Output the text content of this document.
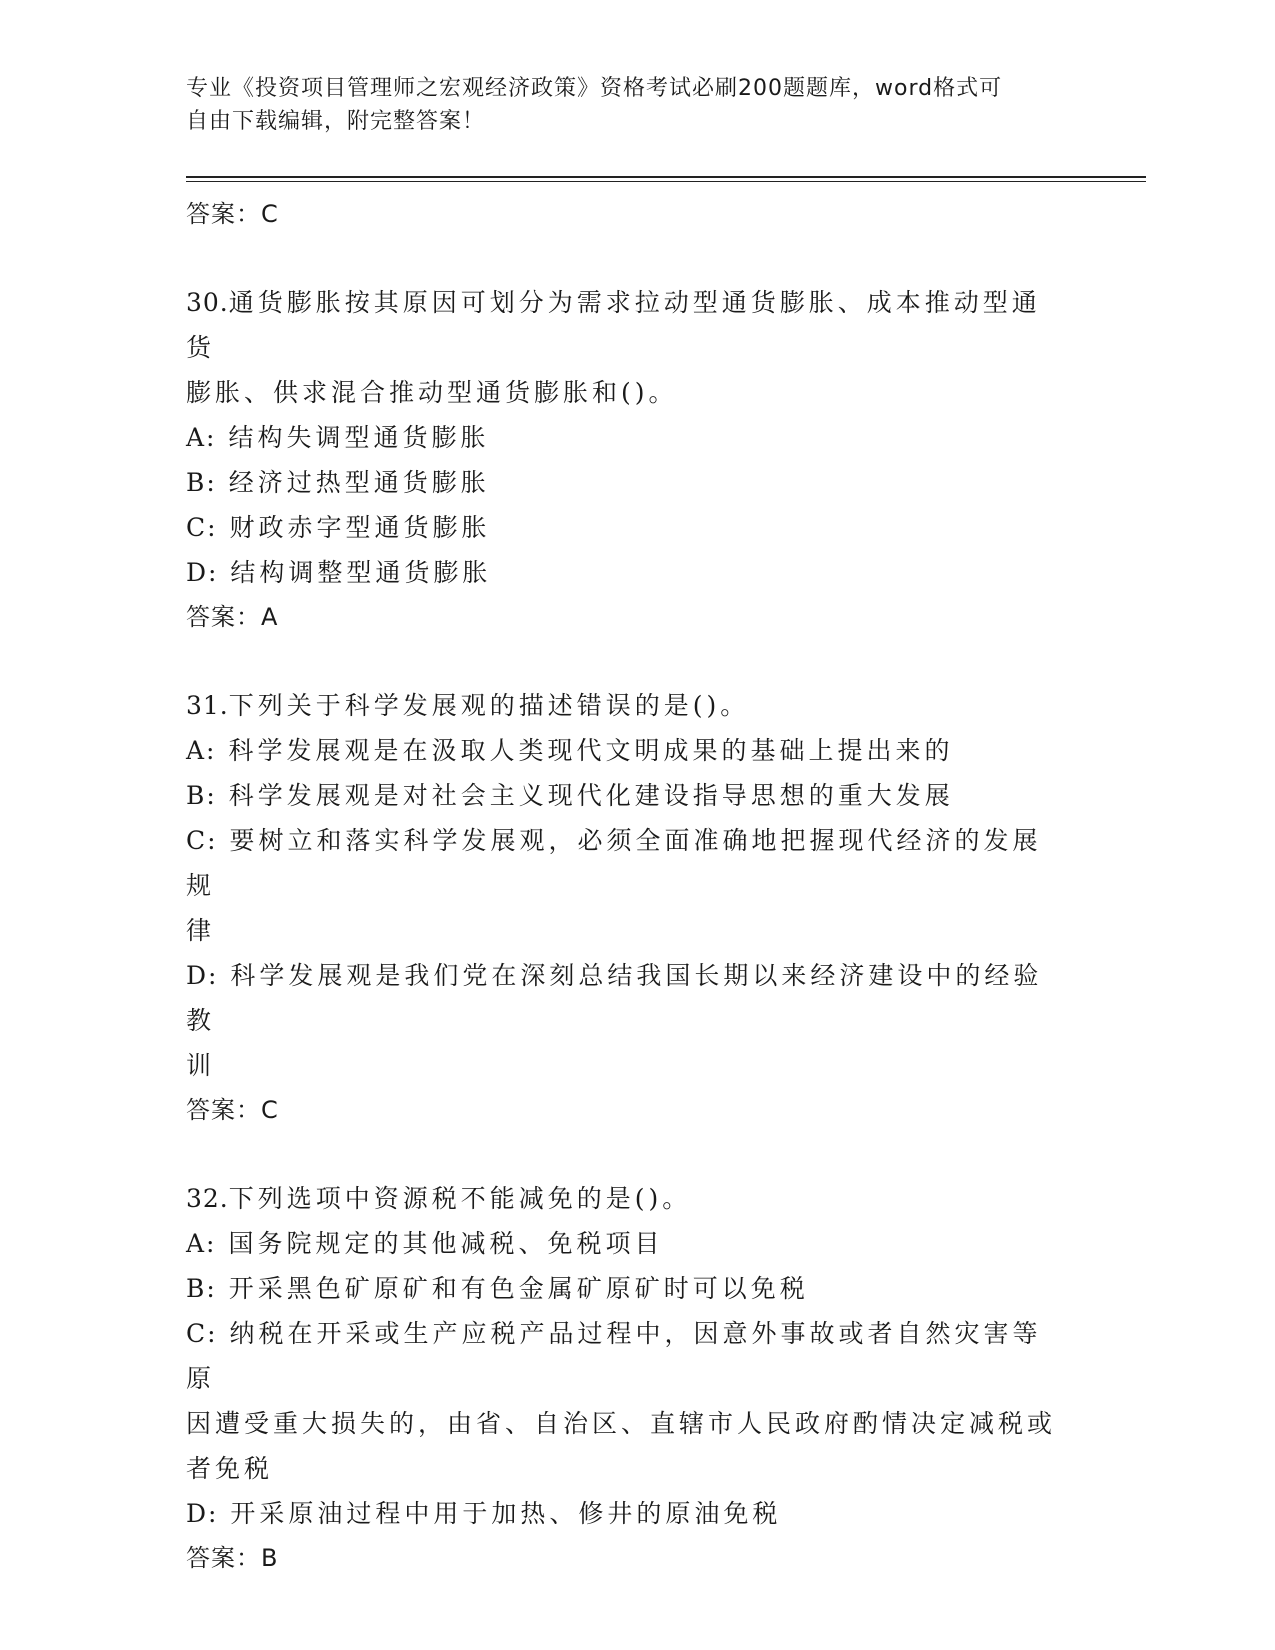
专业《投资项目管理师之宏观经济政策》资格考试必刷200题题库，word格式可
自由下载编辑，附完整答案！
答案：C
30.通货膨胀按其原因可划分为需求拉动型通货膨胀、成本推动型通货
膨胀、供求混合推动型通货膨胀和()。
A: 结构失调型通货膨胀
B: 经济过热型通货膨胀
C: 财政赤字型通货膨胀
D: 结构调整型通货膨胀
答案：A
31.下列关于科学发展观的描述错误的是()。
A: 科学发展观是在汲取人类现代文明成果的基础上提出来的
B: 科学发展观是对社会主义现代化建设指导思想的重大发展
C: 要树立和落实科学发展观，必须全面准确地把握现代经济的发展规
律
D: 科学发展观是我们党在深刻总结我国长期以来经济建设中的经验教
训
答案：C
32.下列选项中资源税不能减免的是()。
A: 国务院规定的其他减税、免税项目
B: 开采黑色矿原矿和有色金属矿原矿时可以免税
C: 纳税在开采或生产应税产品过程中，因意外事故或者自然灾害等原
因遭受重大损失的，由省、自治区、直辖市人民政府酌情决定减税或
者免税
D: 开采原油过程中用于加热、修井的原油免税
答案：B
